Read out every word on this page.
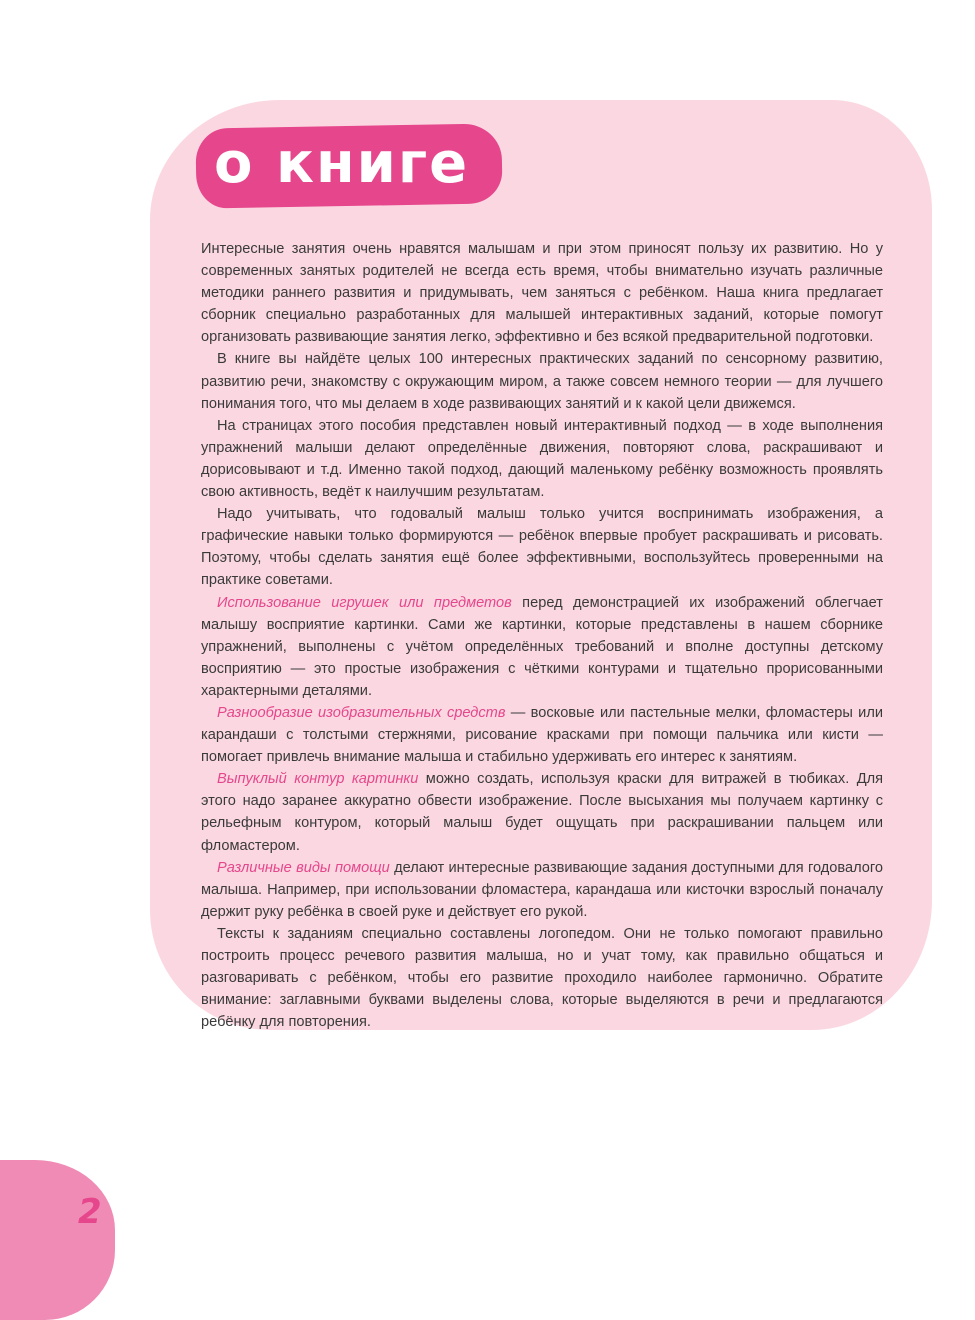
о книге

Интересные занятия очень нравятся малышам и при этом приносят пользу их развитию. Но у современных занятых родителей не всегда есть время, чтобы внимательно изучать различные методики раннего развития и придумывать, чем заняться с ребёнком. Наша книга предлагает сборник специально разработанных для малышей интерактивных заданий, которые помогут организовать развивающие занятия легко, эффективно и без всякой предварительной подготовки.

В книге вы найдёте целых 100 интересных практических заданий по сенсорному развитию, развитию речи, знакомству с окружающим миром, а также совсем немного теории — для лучшего понимания того, что мы делаем в ходе развивающих занятий и к какой цели движемся.

На страницах этого пособия представлен новый интерактивный подход — в ходе выполнения упражнений малыши делают определённые движения, повторяют слова, раскрашивают и дорисовывают и т.д. Именно такой подход, дающий маленькому ребёнку возможность проявлять свою активность, ведёт к наилучшим результатам.

Надо учитывать, что годовалый малыш только учится воспринимать изображения, а графические навыки только формируются — ребёнок впервые пробует раскрашивать и рисовать. Поэтому, чтобы сделать занятия ещё более эффективными, воспользуйтесь проверенными на практике советами.

Использование игрушек или предметов перед демонстрацией их изображений облегчает малышу восприятие картинки. Сами же картинки, которые представлены в нашем сборнике упражнений, выполнены с учётом определённых требований и вполне доступны детскому восприятию — это простые изображения с чёткими контурами и тщательно прорисованными характерными деталями.

Разнообразие изобразительных средств — восковые или пастельные мелки, фломастеры или карандаши с толстыми стержнями, рисование красками при помощи пальчика или кисти — помогает привлечь внимание малыша и стабильно удерживать его интерес к занятиям.

Выпуклый контур картинки можно создать, используя краски для витражей в тюбиках. Для этого надо заранее аккуратно обвести изображение. После высыхания мы получаем картинку с рельефным контуром, который малыш будет ощущать при раскрашивании пальцем или фломастером.

Различные виды помощи делают интересные развивающие задания доступными для годовалого малыша. Например, при использовании фломастера, карандаша или кисточки взрослый поначалу держит руку ребёнка в своей руке и действует его рукой.

Тексты к заданиям специально составлены логопедом. Они не только помогают правильно построить процесс речевого развития малыша, но и учат тому, как правильно общаться и разговаривать с ребёнком, чтобы его развитие проходило наиболее гармонично. Обратите внимание: заглавными буквами выделены слова, которые выделяются в речи и предлагаются ребёнку для повторения.

2
